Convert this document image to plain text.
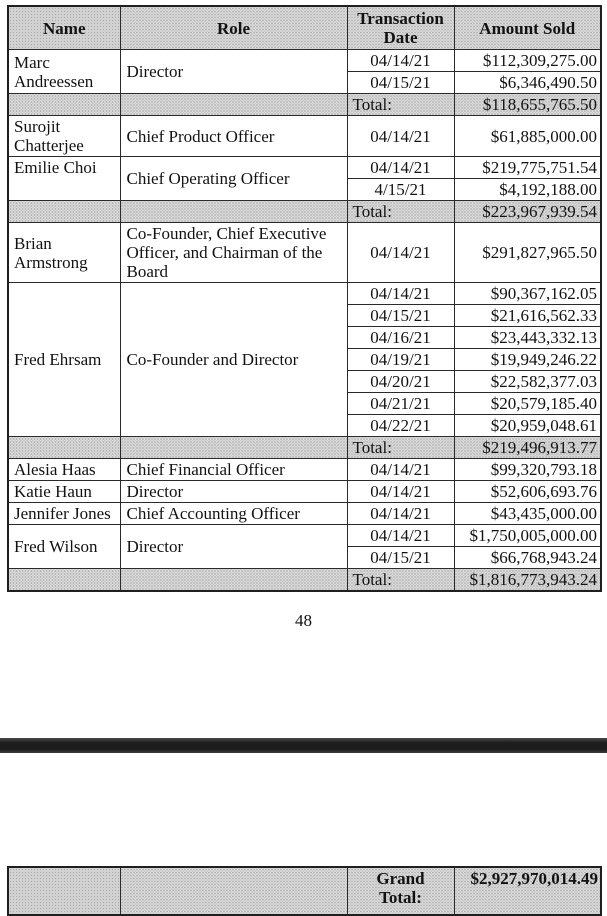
Name	Role	Transaction Date	Amount Sold
Marc Andreessen	Director	04/14/21	$112,309,275.00
		04/15/21	$6,346,490.50
		Total:	$118,655,765.50
Surojit Chatterjee	Chief Product Officer	04/14/21	$61,885,000.00
Emilie Choi	Chief Operating Officer	04/14/21	$219,775,751.54
		4/15/21	$4,192,188.00
		Total:	$223,967,939.54
Brian Armstrong	Co-Founder, Chief Executive Officer, and Chairman of the Board	04/14/21	$291,827,965.50
Fred Ehrsam	Co-Founder and Director	04/14/21	$90,367,162.05
		04/15/21	$21,616,562.33
		04/16/21	$23,443,332.13
		04/19/21	$19,949,246.22
		04/20/21	$22,582,377.03
		04/21/21	$20,579,185.40
		04/22/21	$20,959,048.61
		Total:	$219,496,913.77
Alesia Haas	Chief Financial Officer	04/14/21	$99,320,793.18
Katie Haun	Director	04/14/21	$52,606,693.76
Jennifer Jones	Chief Accounting Officer	04/14/21	$43,435,000.00
Fred Wilson	Director	04/14/21	$1,750,005,000.00
		04/15/21	$66,768,943.24
		Total:	$1,816,773,943.24
48
		Grand Total:	$2,927,970,014.49
